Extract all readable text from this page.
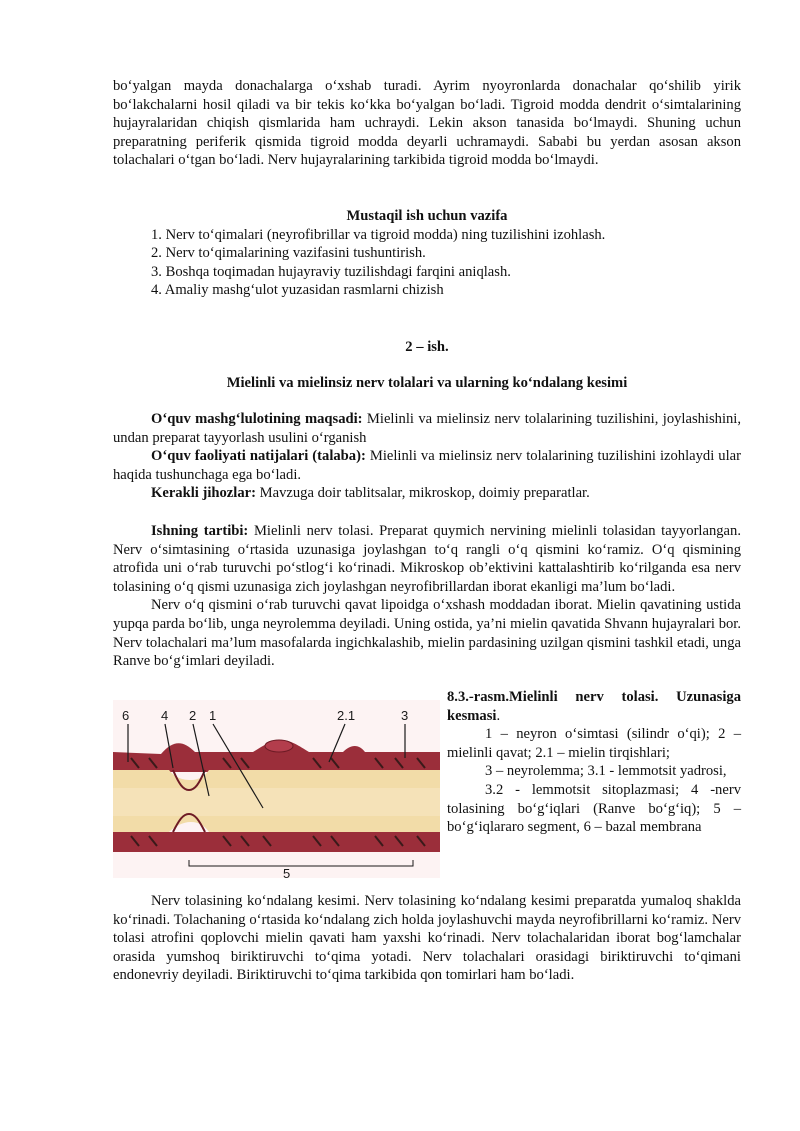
bo‘yalgan mayda donachalarga o‘xshab turadi. Ayrim nyoyronlarda donachalar qo‘shilib yirik bo‘lakchalarni hosil qiladi va bir tekis ko‘kka bo‘yalgan bo‘ladi. Tigroid modda dendrit o‘simtalarining hujayralaridan chiqish qismlarida ham uchraydi. Lekin akson tanasida bo‘lmaydi. Shuning uchun preparatning periferik qismida tigroid modda deyarli uchramaydi. Sababi bu yerdan asosan akson tolachalari o‘tgan bo‘ladi. Nerv hujayralarining tarkibida tigroid modda bo‘lmaydi.

Mustaqil ish uchun vazifa

1. Nerv to‘qimalari (neyrofibrillar va tigroid modda) ning tuzilishini izohlash.
2. Nerv to‘qimalarining vazifasini tushuntirish.
3. Boshqa toqimadan hujayraviy tuzilishdagi farqini aniqlash.
4. Amaliy mashg‘ulot yuzasidan rasmlarni chizish

2 – ish.

Mielinli va mielinsiz nerv tolalari va ularning ko‘ndalang kesimi

O‘quv mashg‘lulotining maqsadi: Mielinli va mielinsiz nerv tolalarining tuzilishini, joylashishini, undan preparat tayyorlash usulini o‘rganish

O‘quv faoliyati natijalari (talaba): Mielinli va mielinsiz nerv tolalarining tuzilishini izohlaydi ular haqida tushunchaga ega bo‘ladi.

Kerakli jihozlar: Mavzuga doir tablitsalar, mikroskop, doimiy preparatlar.

Ishning tartibi: Mielinli nerv tolasi. Preparat quymich nervining mielinli tolasidan tayyorlangan. Nerv o‘simtasining o‘rtasida uzunasiga joylashgan to‘q rangli o‘q qismini ko‘ramiz. O‘q qismining atrofida uni o‘rab turuvchi po‘stlog‘i ko‘rinadi. Mikroskop ob’ektivini kattalashtirib ko‘rilganda esa nerv tolasining o‘q qismi uzunasiga zich joylashgan neyrofibrillardan iborat ekanligi ma’lum bo‘ladi.

Nerv o‘q qismini o‘rab turuvchi qavat lipoidga o‘xshash moddadan iborat. Mielin qavatining ustida yupqa parda bo‘lib, unga neyrolemma deyiladi. Uning ostida, ya’ni mielin qavatida Shvann hujayralari bor. Nerv tolachalari ma’lum masofalarda ingichkalashib, mielin pardasining uzilgan qismini tashkil etadi, unga Ranve bo‘g‘imlari deyiladi.

6 4 2 1	2.1	3
5

8.3.-rasm.Mielinli nerv tolasi. Uzunasiga kesmasi.

1 – neyron o‘simtasi (silindr o‘qi); 2 – mielinli qavat; 2.1 – mielin tirqishlari;

3 – neyrolemma; 3.1 - lemmotsit yadrosi,

3.2 - lemmotsit sitoplazmasi; 4 -nerv tolasining bo‘g‘iqlari (Ranve bo‘g‘iq); 5 – bo‘g‘iqlararo segment, 6 – bazal membrana

Nerv tolasining ko‘ndalang kesimi. Nerv tolasining ko‘ndalang kesimi preparatda yumaloq shaklda ko‘rinadi. Tolachaning o‘rtasida ko‘ndalang zich holda joylashuvchi mayda neyrofibrillarni ko‘ramiz. Nerv tolasi atrofini qoplovchi mielin qavati ham yaxshi ko‘rinadi. Nerv tolachalaridan iborat bog‘lamchalar orasida yumshoq biriktiruvchi to‘qima yotadi. Nerv tolachalari orasidagi biriktiruvchi to‘qimani endonevriy deyiladi. Biriktiruvchi to‘qima tarkibida qon tomirlari ham bo‘ladi.
